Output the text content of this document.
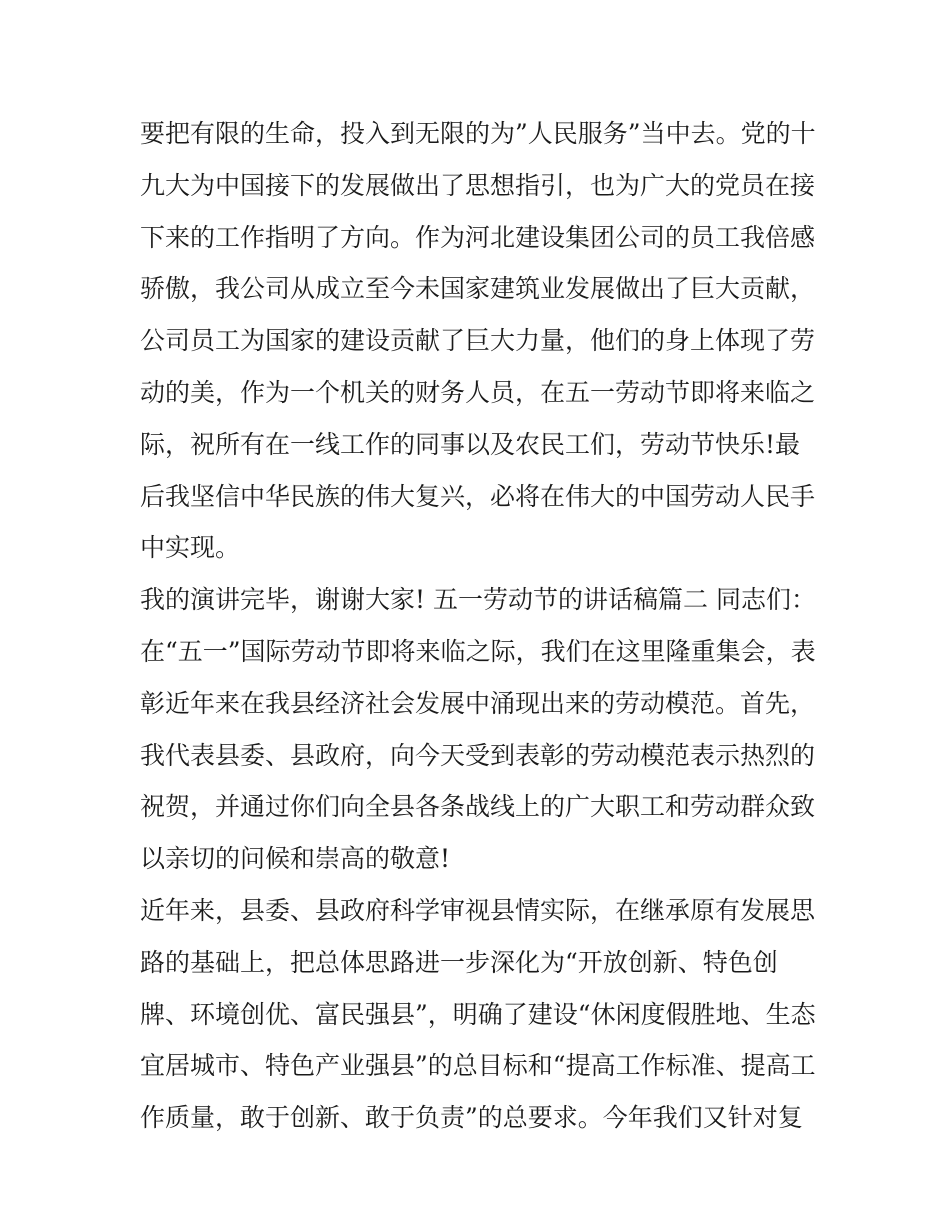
要把有限的生命，投入到无限的为”人民服务”当中去。党的十
九大为中国接下的发展做出了思想指引，也为广大的党员在接
下来的工作指明了方向。作为河北建设集团公司的员工我倍感
骄傲，我公司从成立至今未国家建筑业发展做出了巨大贡献，
公司员工为国家的建设贡献了巨大力量，他们的身上体现了劳
动的美，作为一个机关的财务人员，在五一劳动节即将来临之
际，祝所有在一线工作的同事以及农民工们，劳动节快乐!最
后我坚信中华民族的伟大复兴，必将在伟大的中国劳动人民手
中实现。
我的演讲完毕，谢谢大家! 五一劳动节的讲话稿篇二 同志们：
在“五一”国际劳动节即将来临之际，我们在这里隆重集会，表
彰近年来在我县经济社会发展中涌现出来的劳动模范。首先，
我代表县委、县政府，向今天受到表彰的劳动模范表示热烈的
祝贺，并通过你们向全县各条战线上的广大职工和劳动群众致
以亲切的问候和崇高的敬意!
近年来，县委、县政府科学审视县情实际，在继承原有发展思
路的基础上，把总体思路进一步深化为“开放创新、特色创
牌、环境创优、富民强县”，明确了建设“休闲度假胜地、生态
宜居城市、特色产业强县”的总目标和“提高工作标准、提高工
作质量，敢于创新、敢于负责”的总要求。今年我们又针对复
